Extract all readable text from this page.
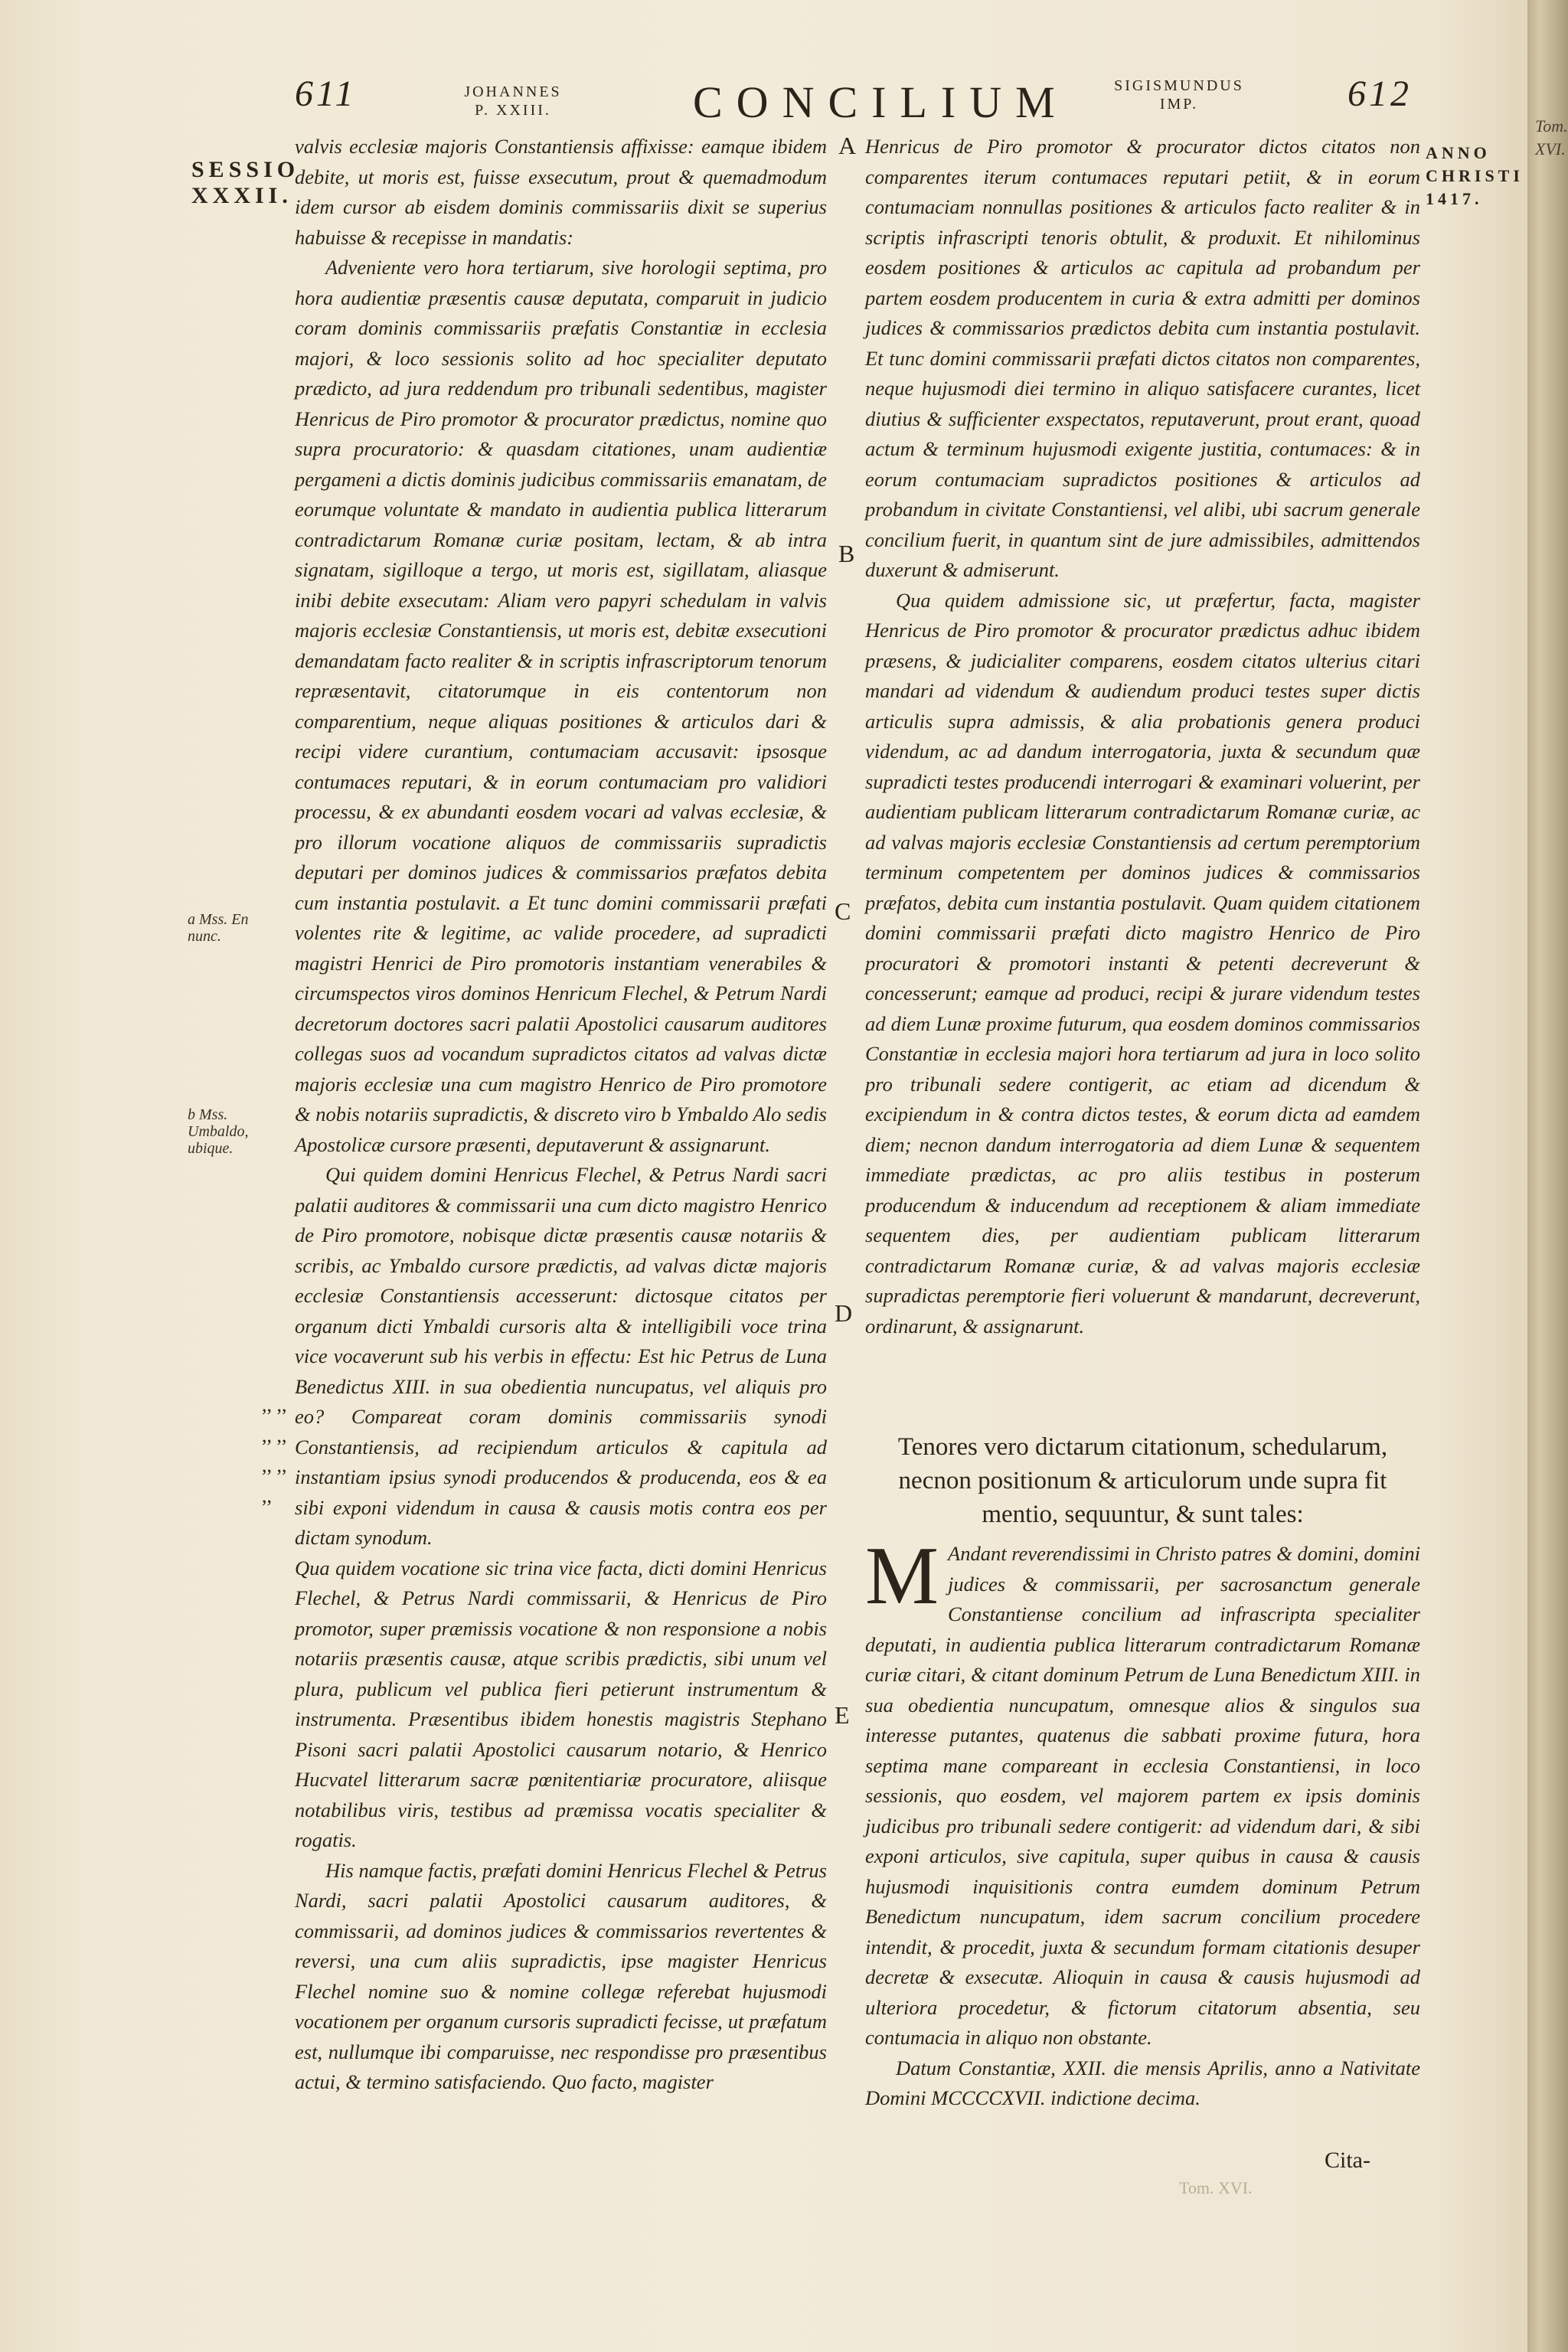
Tom. XVI.
611	JOHANNES P. XXIII.	CONCILIUM	SIGISMUNDUS IMP.	612
SESSIO XXXII.
ANNO CHRISTI 1417.
a Mss. En nunc.
b Mss. Umbaldo, ubique.
A
B
C
D
E
,, ,, ,, ,, ,, ,, ,,

valvis ecclesiæ majoris Constantiensis affixisse: eamque ibidem debite, ut moris est, fuisse exsecutum, prout & quemadmodum idem cursor ab eisdem dominis commissariis dixit se superius habuisse & recepisse in mandatis:

Adveniente vero hora tertiarum, sive horologii septima, pro hora audientiæ præsentis causæ deputata, comparuit in judicio coram dominis commissariis præfatis Constantiæ in ecclesia majori, & loco sessionis solito ad hoc specialiter deputato prædicto, ad jura reddendum pro tribunali sedentibus, magister Henricus de Piro promotor & procurator prædictus, nomine quo supra procuratorio: & quasdam citationes, unam audientiæ pergameni a dictis dominis judicibus commissariis emanatam, de eorumque voluntate & mandato in audientia publica litterarum contradictarum Romanæ curiæ positam, lectam, & ab intra signatam, sigilloque a tergo, ut moris est, sigillatam, aliasque inibi debite exsecutam: Aliam vero papyri schedulam in valvis majoris ecclesiæ Constantiensis, ut moris est, debitæ exsecutioni demandatam facto realiter & in scriptis infrascriptorum tenorum repræsentavit, citatorumque in eis contentorum non comparentium, neque aliquas positiones & articulos dari & recipi videre curantium, contumaciam accusavit: ipsosque contumaces reputari, & in eorum contumaciam pro validiori processu, & ex abundanti eosdem vocari ad valvas ecclesiæ, & pro illorum vocatione aliquos de commissariis supradictis deputari per dominos judices & commissarios præfatos debita cum instantia postulavit. a Et tunc domini commissarii præfati volentes rite & legitime, ac valide procedere, ad supradicti magistri Henrici de Piro promotoris instantiam venerabiles & circumspectos viros dominos Henricum Flechel, & Petrum Nardi decretorum doctores sacri palatii Apostolici causarum auditores collegas suos ad vocandum supradictos citatos ad valvas dictæ majoris ecclesiæ una cum magistro Henrico de Piro promotore & nobis notariis supradictis, & discreto viro b Ymbaldo Alo sedis Apostolicæ cursore præsenti, deputaverunt & assignarunt.

Qui quidem domini Henricus Flechel, & Petrus Nardi sacri palatii auditores & commissarii una cum dicto magistro Henrico de Piro promotore, nobisque dictæ præsentis causæ notariis & scribis, ac Ymbaldo cursore prædictis, ad valvas dictæ majoris ecclesiæ Constantiensis accesserunt: dictosque citatos per organum dicti Ymbaldi cursoris alta & intelligibili voce trina vice vocaverunt sub his verbis in effectu: Est hic Petrus de Luna Benedictus XIII. in sua obedientia nuncupatus, vel aliquis pro eo? Compareat coram dominis commissariis synodi Constantiensis, ad recipiendum articulos & capitula ad instantiam ipsius synodi producendos & producenda, eos & ea sibi exponi videndum in causa & causis motis contra eos per dictam synodum.

Qua quidem vocatione sic trina vice facta, dicti domini Henricus Flechel, & Petrus Nardi commissarii, & Henricus de Piro promotor, super præmissis vocatione & non responsione a nobis notariis præsentis causæ, atque scribis prædictis, sibi unum vel plura, publicum vel publica fieri petierunt instrumentum & instrumenta. Præsentibus ibidem honestis magistris Stephano Pisoni sacri palatii Apostolici causarum notario, & Henrico Hucvatel litterarum sacræ pœnitentiariæ procuratore, aliisque notabilibus viris, testibus ad præmissa vocatis specialiter & rogatis.

His namque factis, præfati domini Henricus Flechel & Petrus Nardi, sacri palatii Apostolici causarum auditores, & commissarii, ad dominos judices & commissarios revertentes & reversi, una cum aliis supradictis, ipse magister Henricus Flechel nomine suo & nomine collegæ referebat hujusmodi vocationem per organum cursoris supradicti fecisse, ut præfatum est, nullumque ibi comparuisse, nec respondisse pro præsentibus actui, & termino satisfaciendo. Quo facto, magister

Henricus de Piro promotor & procurator dictos citatos non comparentes iterum contumaces reputari petiit, & in eorum contumaciam nonnullas positiones & articulos facto realiter & in scriptis infrascripti tenoris obtulit, & produxit. Et nihilominus eosdem positiones & articulos ac capitula ad probandum per partem eosdem producentem in curia & extra admitti per dominos judices & commissarios prædictos debita cum instantia postulavit. Et tunc domini commissarii præfati dictos citatos non comparentes, neque hujusmodi diei termino in aliquo satisfacere curantes, licet diutius & sufficienter exspectatos, reputaverunt, prout erant, quoad actum & terminum hujusmodi exigente justitia, contumaces: & in eorum contumaciam supradictos positiones & articulos ad probandum in civitate Constantiensi, vel alibi, ubi sacrum generale concilium fuerit, in quantum sint de jure admissibiles, admittendos duxerunt & admiserunt.

Qua quidem admissione sic, ut præfertur, facta, magister Henricus de Piro promotor & procurator prædictus adhuc ibidem præsens, & judicialiter comparens, eosdem citatos ulterius citari mandari ad videndum & audiendum produci testes super dictis articulis supra admissis, & alia probationis genera produci videndum, ac ad dandum interrogatoria, juxta & secundum quæ supradicti testes producendi interrogari & examinari voluerint, per audientiam publicam litterarum contradictarum Romanæ curiæ, ac ad valvas majoris ecclesiæ Constantiensis ad certum peremptorium terminum competentem per dominos judices & commissarios præfatos, debita cum instantia postulavit. Quam quidem citationem domini commissarii præfati dicto magistro Henrico de Piro procuratori & promotori instanti & petenti decreverunt & concesserunt; eamque ad produci, recipi & jurare videndum testes ad diem Lunæ proxime futurum, qua eosdem dominos commissarios Constantiæ in ecclesia majori hora tertiarum ad jura in loco solito pro tribunali sedere contigerit, ac etiam ad dicendum & excipiendum in & contra dictos testes, & eorum dicta ad eamdem diem; necnon dandum interrogatoria ad diem Lunæ & sequentem immediate prædictas, ac pro aliis testibus in posterum producendum & inducendum ad receptionem & aliam immediate sequentem dies, per audientiam publicam litterarum contradictarum Romanæ curiæ, & ad valvas majoris ecclesiæ supradictas peremptorie fieri voluerunt & mandarunt, decreverunt, ordinarunt, & assignarunt.

Tenores vero dictarum citationum, schedularum, necnon positionum & articulorum unde supra fit mentio, sequuntur, & sunt tales:

M Andant reverendissimi in Christo patres & domini, domini judices & commissarii, per sacrosanctum generale Constantiense concilium ad infrascripta specialiter deputati, in audientia publica litterarum contradictarum Romanæ curiæ citari, & citant dominum Petrum de Luna Benedictum XIII. in sua obedientia nuncupatum, omnesque alios & singulos sua interesse putantes, quatenus die sabbati proxime futura, hora septima mane compareant in ecclesia Constantiensi, in loco sessionis, quo eosdem, vel majorem partem ex ipsis dominis judicibus pro tribunali sedere contigerit: ad videndum dari, & sibi exponi articulos, sive capitula, super quibus in causa & causis hujusmodi inquisitionis contra eumdem dominum Petrum Benedictum nuncupatum, idem sacrum concilium procedere intendit, & procedit, juxta & secundum formam citationis desuper decretæ & exsecutæ. Alioquin in causa & causis hujusmodi ad ulteriora procedetur, & fictorum citatorum absentia, seu contumacia in aliquo non obstante.

Datum Constantiæ, XXII. die mensis Aprilis, anno a Nativitate Domini MCCCCXVII. indictione decima.

Tom. XVI.
Cita-
